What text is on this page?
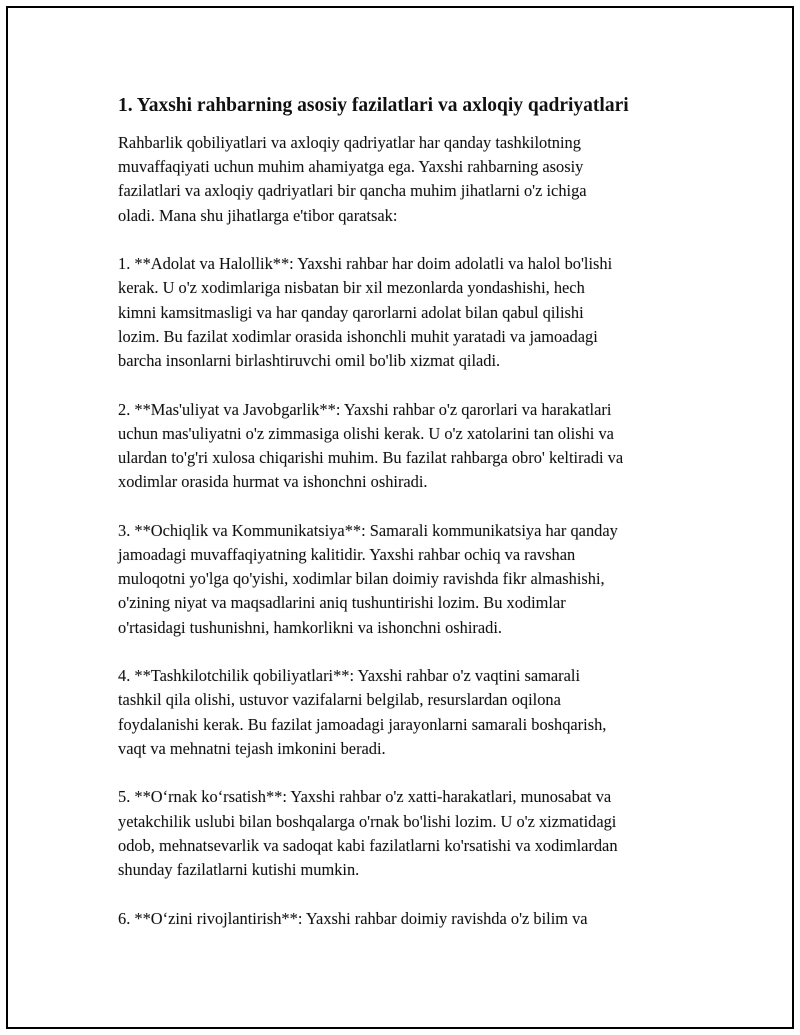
1. Yaxshi rahbarning asosiy fazilatlari va axloqiy qadriyatlari

Rahbarlik qobiliyatlari va axloqiy qadriyatlar har qanday tashkilotning
muvaffaqiyati uchun muhim ahamiyatga ega. Yaxshi rahbarning asosiy
fazilatlari va axloqiy qadriyatlari bir qancha muhim jihatlarni o'z ichiga
oladi. Mana shu jihatlarga e'tibor qaratsak:

1. **Adolat va Halollik**: Yaxshi rahbar har doim adolatli va halol bo'lishi
kerak. U o'z xodimlariga nisbatan bir xil mezonlarda yondashishi, hech
kimni kamsitmasligi va har qanday qarorlarni adolat bilan qabul qilishi
lozim. Bu fazilat xodimlar orasida ishonchli muhit yaratadi va jamoadagi
barcha insonlarni birlashtiruvchi omil bo'lib xizmat qiladi.

2. **Mas'uliyat va Javobgarlik**: Yaxshi rahbar o'z qarorlari va harakatlari
uchun mas'uliyatni o'z zimmasiga olishi kerak. U o'z xatolarini tan olishi va
ulardan to'g'ri xulosa chiqarishi muhim. Bu fazilat rahbarga obro' keltiradi va
xodimlar orasida hurmat va ishonchni oshiradi.

3. **Ochiqlik va Kommunikatsiya**: Samarali kommunikatsiya har qanday
jamoadagi muvaffaqiyatning kalitidir. Yaxshi rahbar ochiq va ravshan
muloqotni yo'lga qo'yishi, xodimlar bilan doimiy ravishda fikr almashishi,
o'zining niyat va maqsadlarini aniq tushuntirishi lozim. Bu xodimlar
o'rtasidagi tushunishni, hamkorlikni va ishonchni oshiradi.

4. **Tashkilotchilik qobiliyatlari**: Yaxshi rahbar o'z vaqtini samarali
tashkil qila olishi, ustuvor vazifalarni belgilab, resurslardan oqilona
foydalanishi kerak. Bu fazilat jamoadagi jarayonlarni samarali boshqarish,
vaqt va mehnatni tejash imkonini beradi.

5. **O‘rnak ko‘rsatish**: Yaxshi rahbar o'z xatti-harakatlari, munosabat va
yetakchilik uslubi bilan boshqalarga o'rnak bo'lishi lozim. U o'z xizmatidagi
odob, mehnatsevarlik va sadoqat kabi fazilatlarni ko'rsatishi va xodimlardan
shunday fazilatlarni kutishi mumkin.

6. **O‘zini rivojlantirish**: Yaxshi rahbar doimiy ravishda o'z bilim va
